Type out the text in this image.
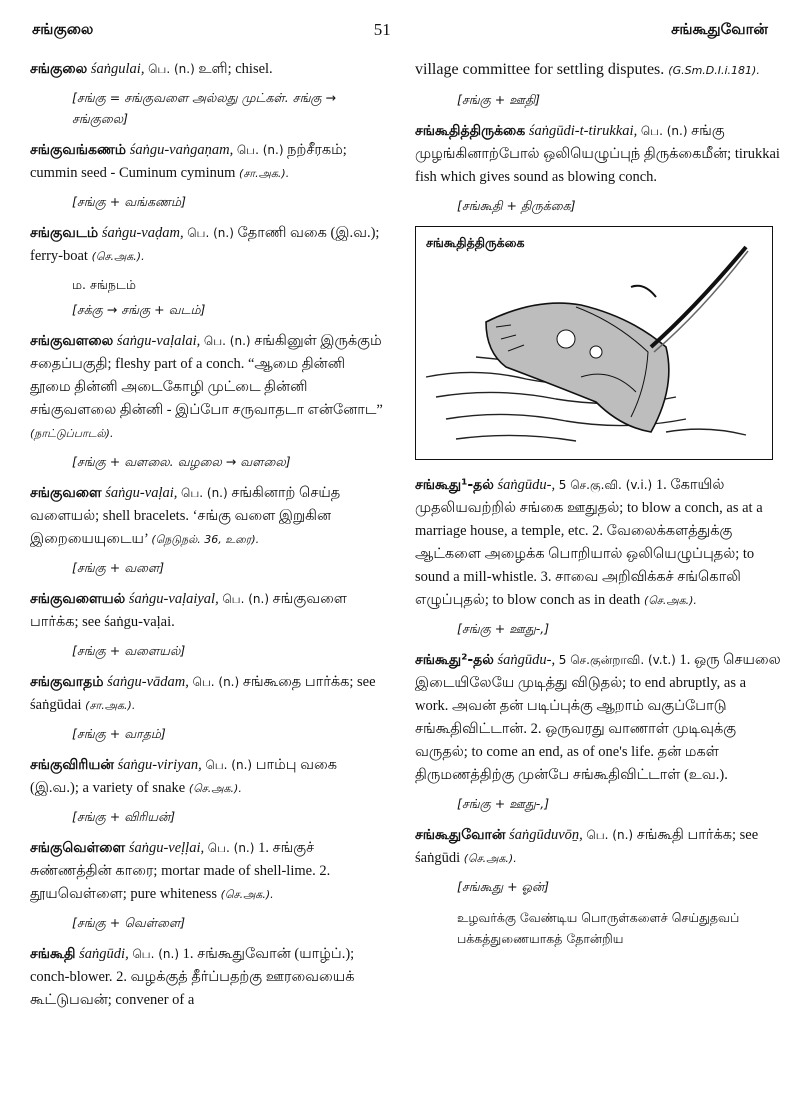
சங்குலை	51	சங்கூதுவோன்
சங்குலை śaṅgulai, பெ. (n.) உளி; chisel.
[சங்கு = சங்குவளை அல்லது முட்கள். சங்கு → சங்குலை]
சங்குவங்கணம் śaṅgu-vaṅgaṇam, பெ. (n.) நற்சீரகம்; cummin seed - Cuminum cyminum (சா.அக.).
[சங்கு + வங்கணம்]
சங்குவடம் śaṅgu-vaḍam, பெ. (n.) தோணி வகை (இ.வ.); ferry-boat (செ.அக.).
ம. சங்நடம்
[சக்கு → சங்கு + வடம்]
சங்குவளலை śaṅgu-vaḷalai, பெ. (n.) சங்கினுள் இருக்கும் சதைப்பகுதி; fleshy part of a conch. “ஆமை தின்னி தூமை தின்னி அடைகோழி முட்டை தின்னி சங்குவளலை தின்னி - இப்போ சருவாதடா என்னோட” (நாட்டுப்பாடல்).
[சங்கு + வளலை. வழலை → வளலை]
சங்குவளை śaṅgu-vaḷai, பெ. (n.) சங்கினாற் செய்த வளையல்; shell bracelets. ‘சங்கு வளை இறுகின இறையையுடைய’ (நெடுநல். 36, உரை).
[சங்கு + வளை]
சங்குவளையல் śaṅgu-vaḷaiyal, பெ. (n.) சங்குவளை பார்க்க; see śaṅgu-vaḷai.
[சங்கு + வளையல்]
சங்குவாதம் śaṅgu-vādam, பெ. (n.) சங்கூதை பார்க்க; see śaṅgūdai (சா.அக.).
[சங்கு + வாதம்]
சங்குவிரியன் śaṅgu-viriyan, பெ. (n.) பாம்பு வகை (இ.வ.); a variety of snake (செ.அக.).
[சங்கு + விரியன்]
சங்குவெள்ளை śaṅgu-veḷḷai, பெ. (n.) 1. சங்குச் சுண்ணத்தின் காரை; mortar made of shell-lime. 2. தூயவெள்ளை; pure whiteness (செ.அக.).
[சங்கு + வெள்ளை]
சங்கூதி śaṅgūdi, பெ. (n.) 1. சங்கூதுவோன் (யாழ்ப்.); conch-blower. 2. வழக்குத் தீர்ப்பதற்கு ஊரவையைக் கூட்டுபவன்; convener of a
village committee for settling disputes. (G.Sm.D.I.i.181).
[சங்கு + ஊதி]
சங்கூதித்திருக்கை śaṅgūdi-t-tirukkai, பெ. (n.) சங்கு முழங்கினாற்போல் ஒலியெழுப்புந் திருக்கைமீன்; tirukkai fish which gives sound as blowing conch.
[சங்கூதி + திருக்கை]
சங்கூதித்திருக்கை
சங்கூது¹-தல் śaṅgūdu-, 5 செ.கு.வி. (v.i.) 1. கோயில் முதலியவற்றில் சங்கை ஊதுதல்; to blow a conch, as at a marriage house, a temple, etc. 2. வேலைக்களத்துக்கு ஆட்களை அழைக்க பொறியால் ஒலியெழுப்புதல்; to sound a mill-whistle. 3. சாவை அறிவிக்கச் சங்கொலி எழுப்புதல்; to blow conch as in death (செ.அக.).
[சங்கு + ஊது-,]
சங்கூது²-தல் śaṅgūdu-, 5 செ.குன்றாவி. (v.t.) 1. ஒரு செயலை இடையிலேயே முடித்து விடுதல்; to end abruptly, as a work. அவன் தன் படிப்புக்கு ஆறாம் வகுப்போடு சங்கூதிவிட்டான். 2. ஒருவரது வாணாள் முடிவுக்கு வருதல்; to come an end, as of one's life. தன் மகள் திருமணத்திற்கு முன்பே சங்கூதிவிட்டாள் (உவ.).
[சங்கு + ஊது-,]
சங்கூதுவோன் śaṅgūduvōṉ, பெ. (n.) சங்கூதி பார்க்க; see śaṅgūdi (செ.அக.).
[சங்கூது + ஓன்]
உழவர்க்கு வேண்டிய பொருள்களைச் செய்துதவப் பக்கத்துணையாகத் தோன்றிய
